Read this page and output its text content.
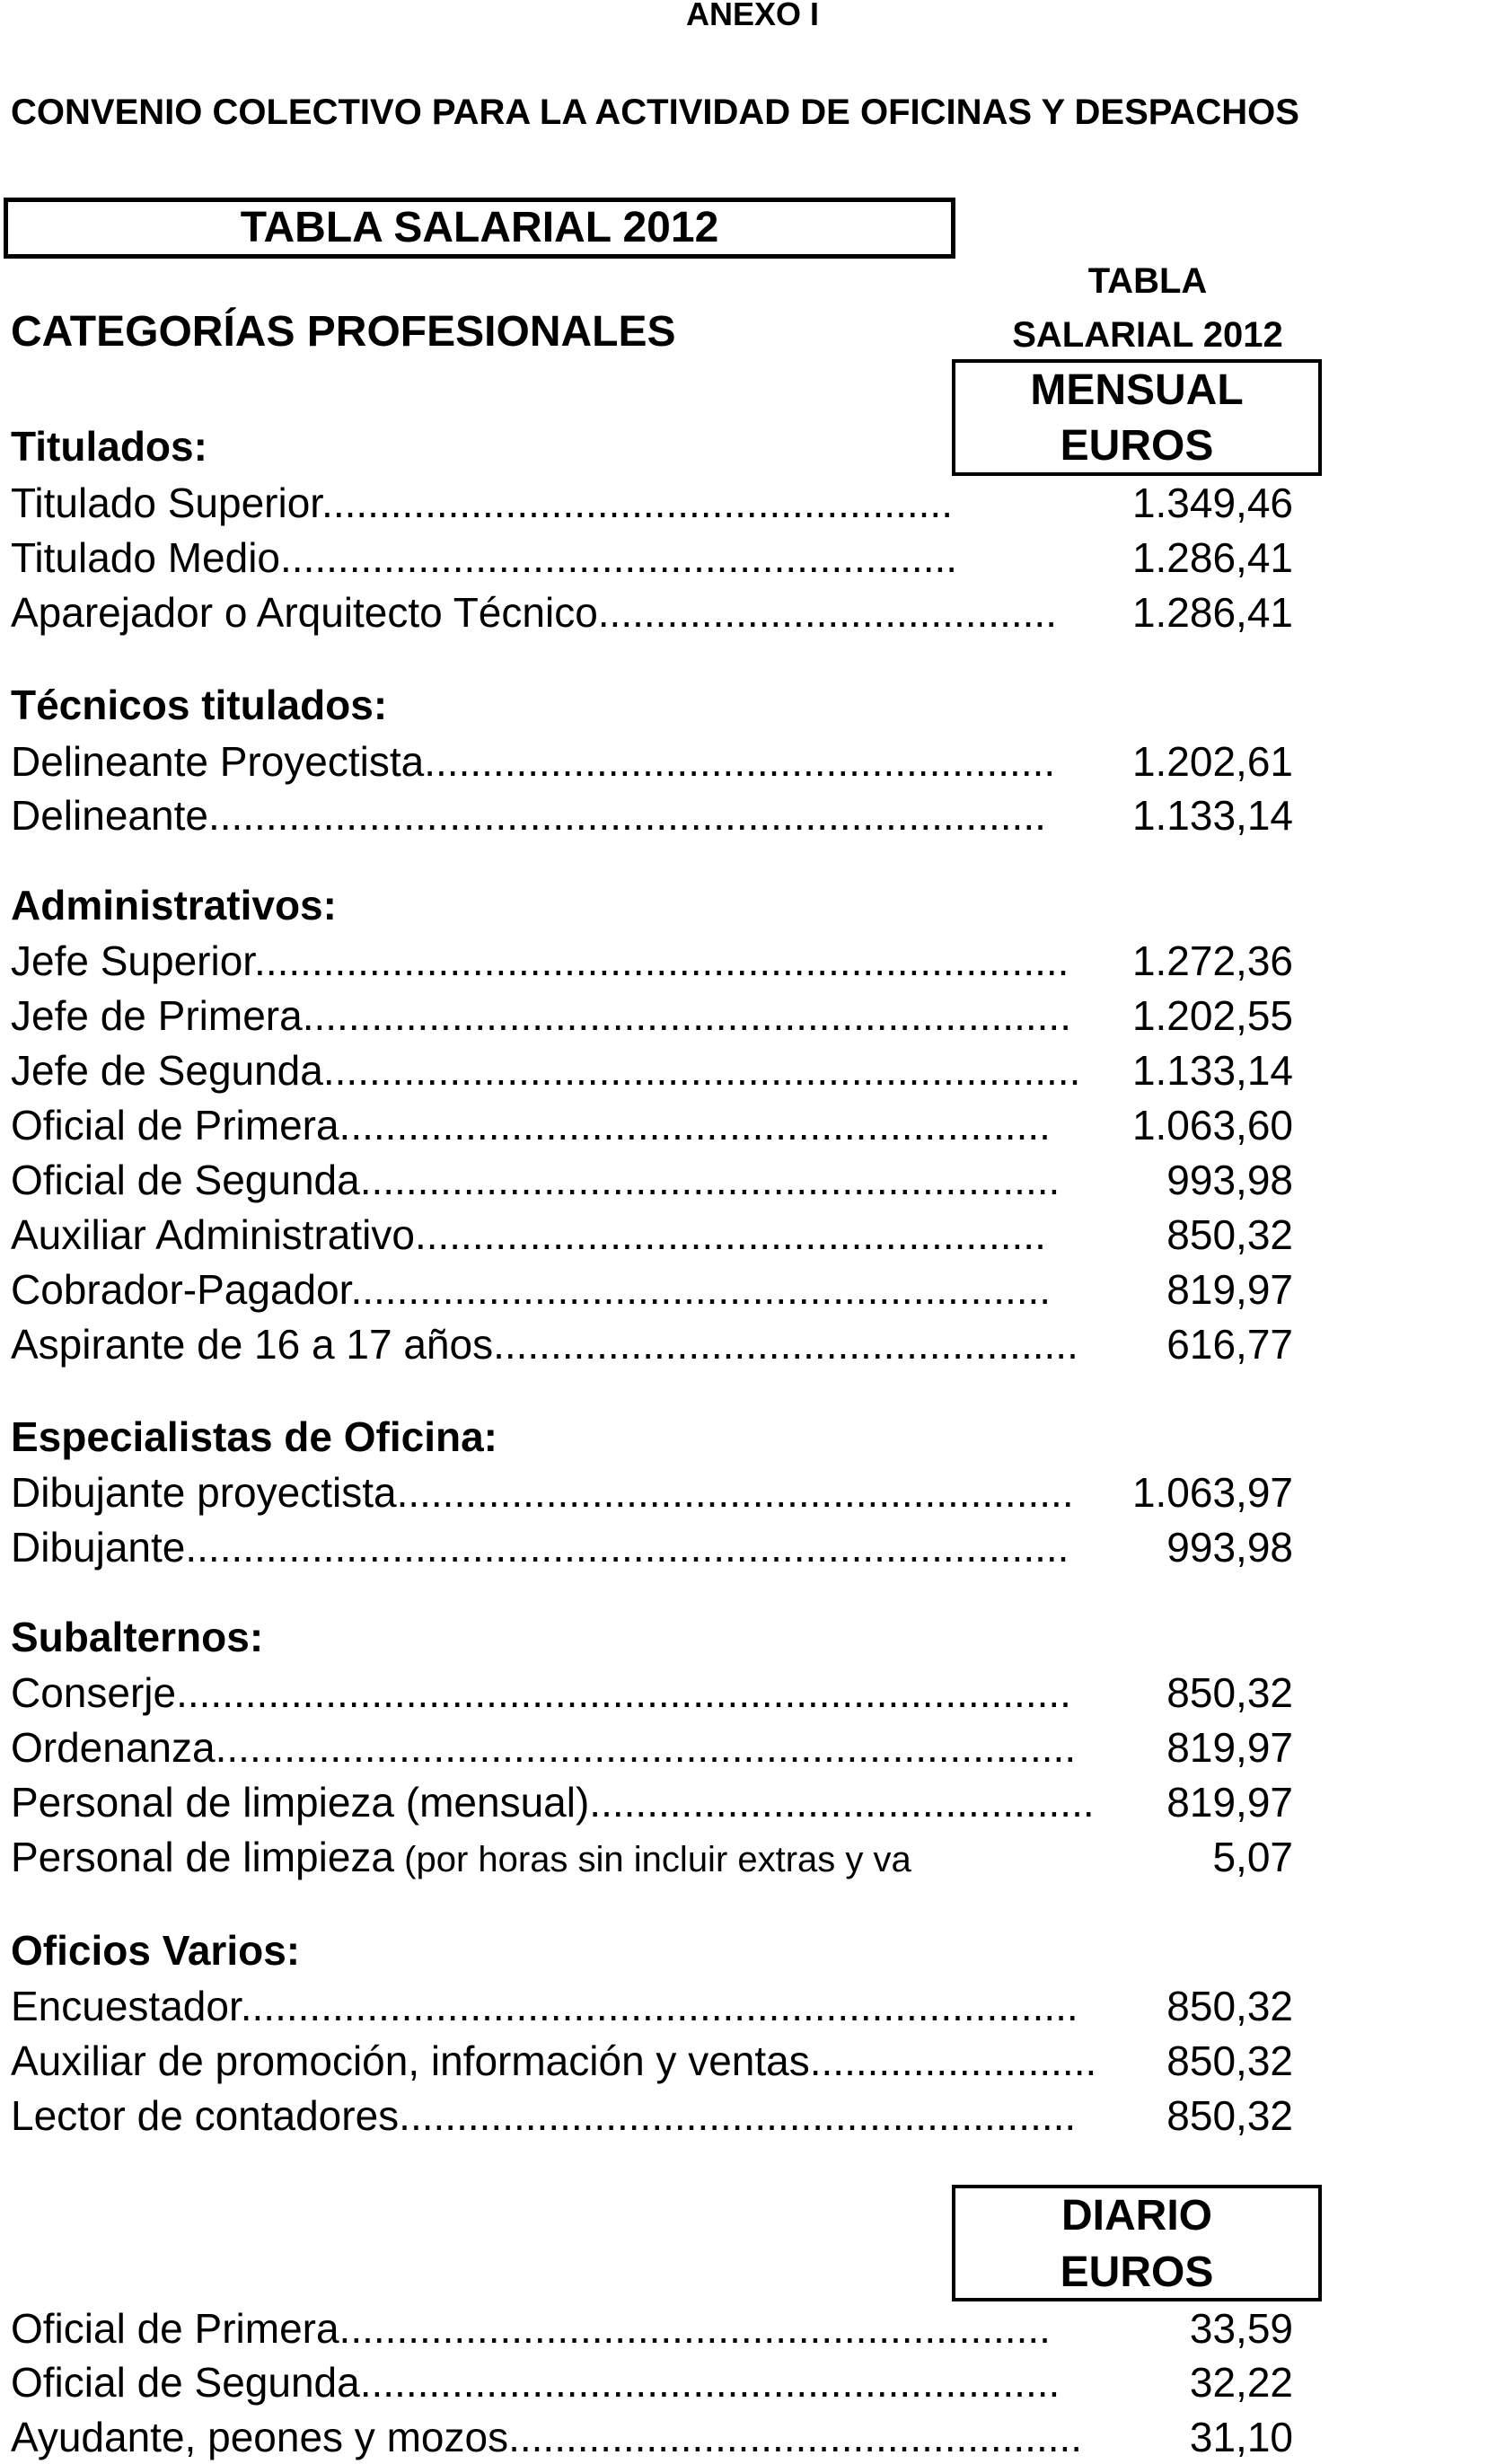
ANEXO I
CONVENIO COLECTIVO PARA LA ACTIVIDAD DE OFICINAS Y DESPACHOS
TABLA SALARIAL 2012
CATEGORÍAS PROFESIONALES
TABLA
SALARIAL 2012
MENSUAL
EUROS
Titulados:
Titulado Superior.......................................................	1.349,46
Titulado Medio...........................................................	1.286,41
Aparejador o Arquitecto Técnico........................................	1.286,41
Técnicos titulados:
Delineante Proyectista.......................................................	1.202,61
Delineante.........................................................................	1.133,14
Administrativos:
Jefe Superior.......................................................................	1.272,36
Jefe de Primera...................................................................	1.202,55
Jefe de Segunda..................................................................	1.133,14
Oficial de Primera..............................................................	1.063,60
Oficial de Segunda.............................................................	993,98
Auxiliar Administrativo.......................................................	850,32
Cobrador-Pagador.............................................................	819,97
Aspirante de 16 a 17 años...................................................	616,77
Especialistas de Oficina:
Dibujante proyectista...........................................................	1.063,97
Dibujante.............................................................................	993,98
Subalternos:
Conserje..............................................................................	850,32
Ordenanza...........................................................................	819,97
Personal de limpieza (mensual)............................................	819,97
Personal de limpieza (por horas sin incluir extras y va	5,07
Oficios Varios:
Encuestador.........................................................................	850,32
Auxiliar de promoción, información y ventas.........................	850,32
Lector de contadores...........................................................	850,32
DIARIO
EUROS
Oficial de Primera..............................................................	33,59
Oficial de Segunda.............................................................	32,22
Ayudante, peones y mozos..................................................	31,10
